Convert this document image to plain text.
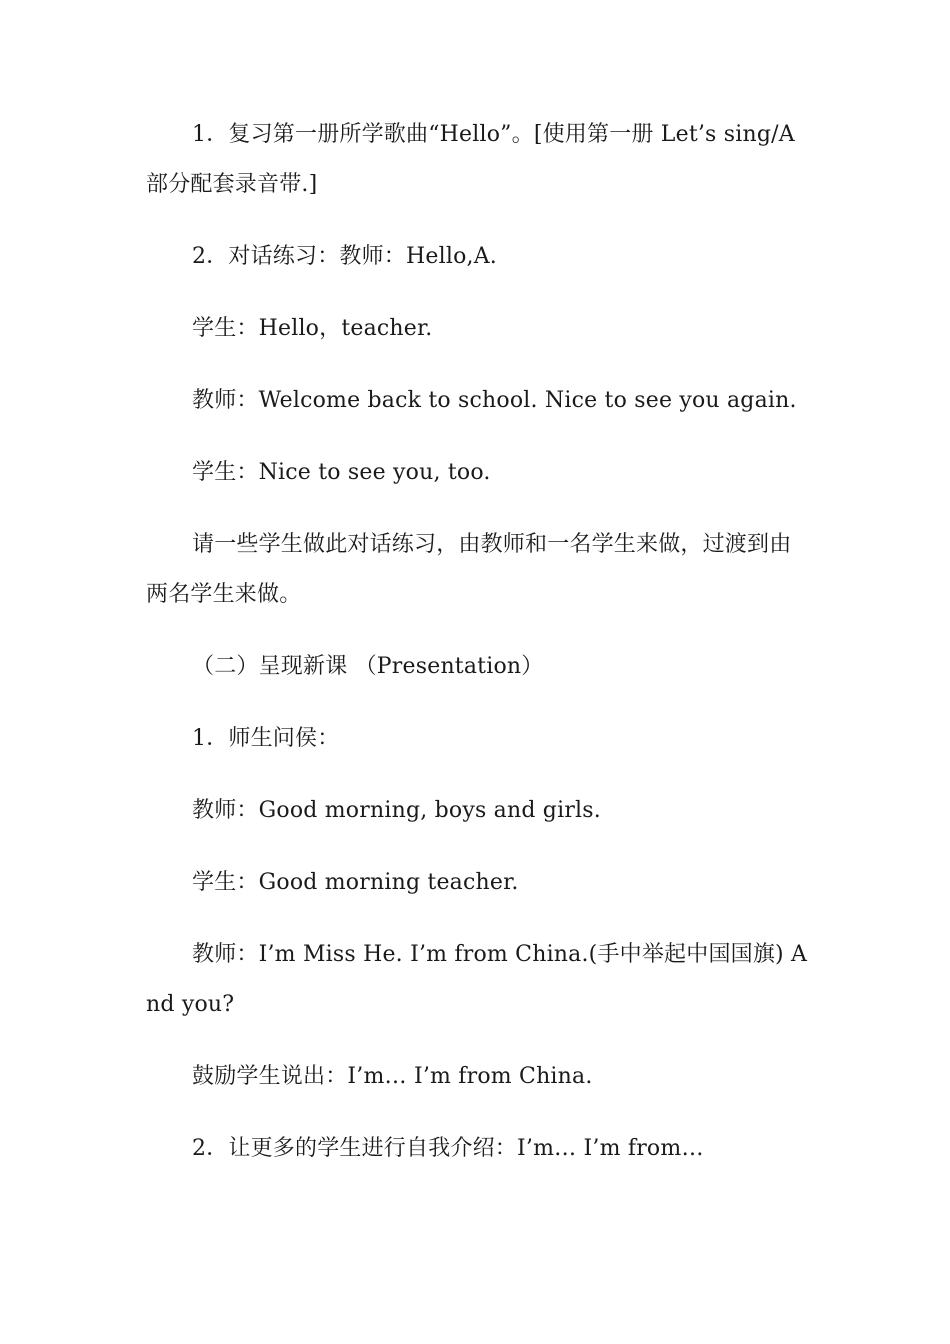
1．复习第一册所学歌曲“Hello”。[使用第一册 Let’s sing/A 部分配套录音带.]

2．对话练习：教师：Hello,A.

学生：Hello，teacher.

教师：Welcome back to school. Nice to see you again.

学生：Nice to see you, too.

请一些学生做此对话练习，由教师和一名学生来做，过渡到由两名学生来做。

（二）呈现新课 （Presentation）

1．师生问侯：

教师：Good morning, boys and girls.

学生：Good morning teacher.

教师：I’m Miss He. I’m from China.(手中举起中国国旗) And you?

鼓励学生说出：I’m… I’m from China.

2．让更多的学生进行自我介绍：I’m… I’m from…
